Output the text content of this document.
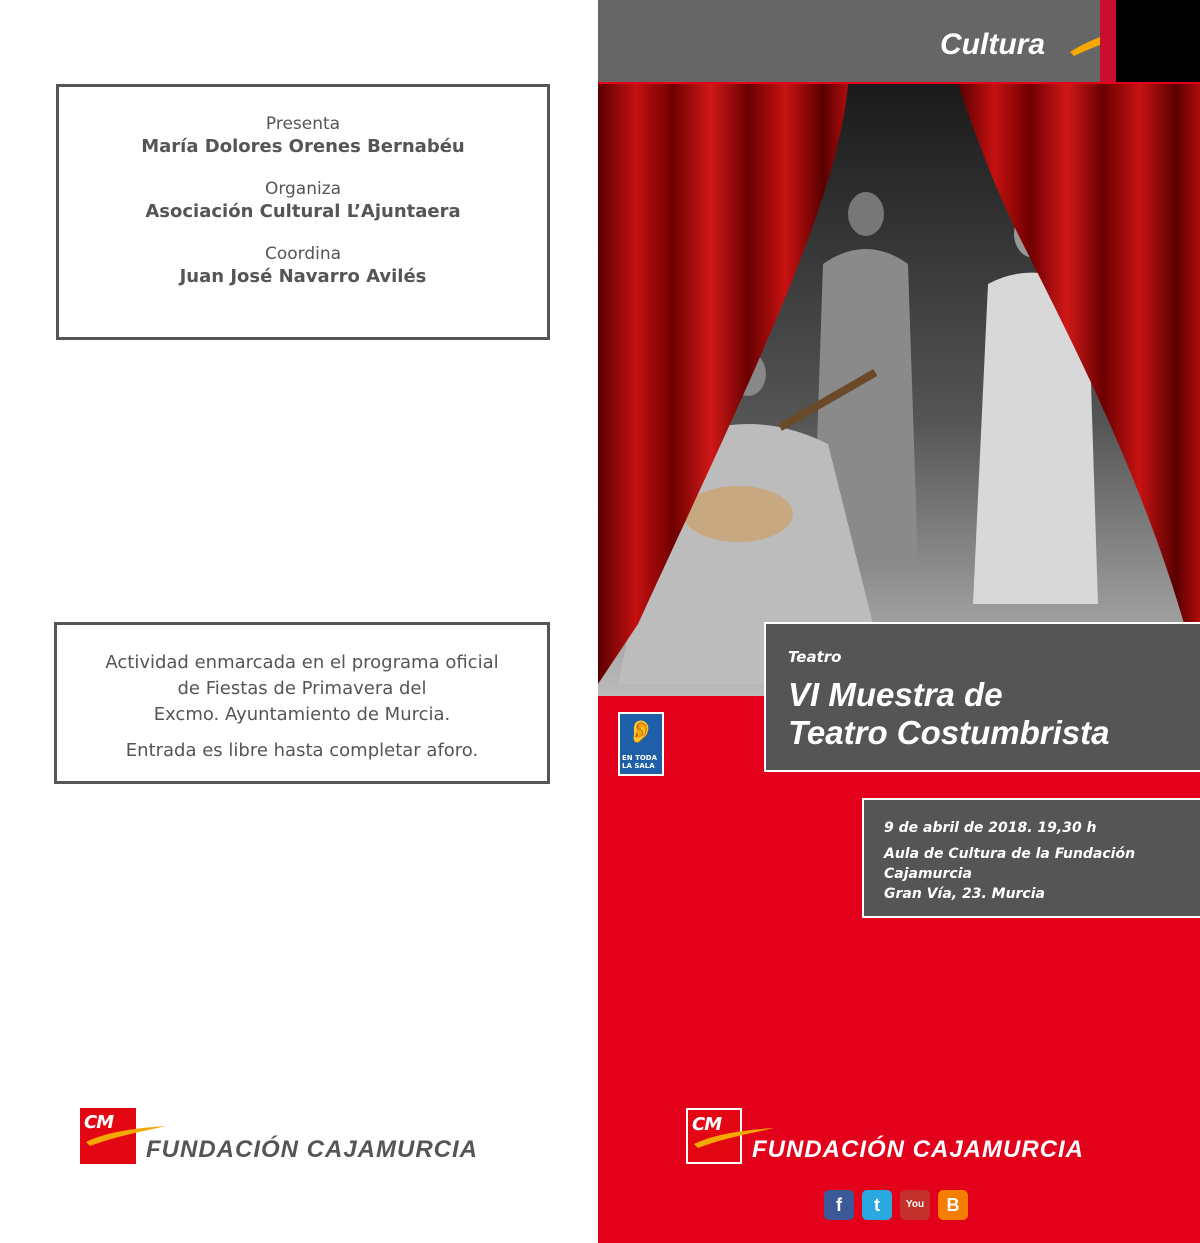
Presenta
María Dolores Orenes Bernabéu
Organiza
Asociación Cultural L’Ajuntaera
Coordina
Juan José Navarro Avilés

Actividad enmarcada en el programa oficial

de Fiestas de Primavera del

Excmo. Ayuntamiento de Murcia.

Entrada es libre hasta completar aforo.

CM
FUNDACIÓN CAJAMURCIA
Cultura
👂
EN TODA
LA SALA
Teatro
VI Muestra de
Teatro Costumbrista

9 de abril de 2018. 19,30 h

Aula de Cultura de la Fundación

Cajamurcia

Gran Vía, 23. Murcia

CM
FUNDACIÓN CAJAMURCIA
f	t	You	B
